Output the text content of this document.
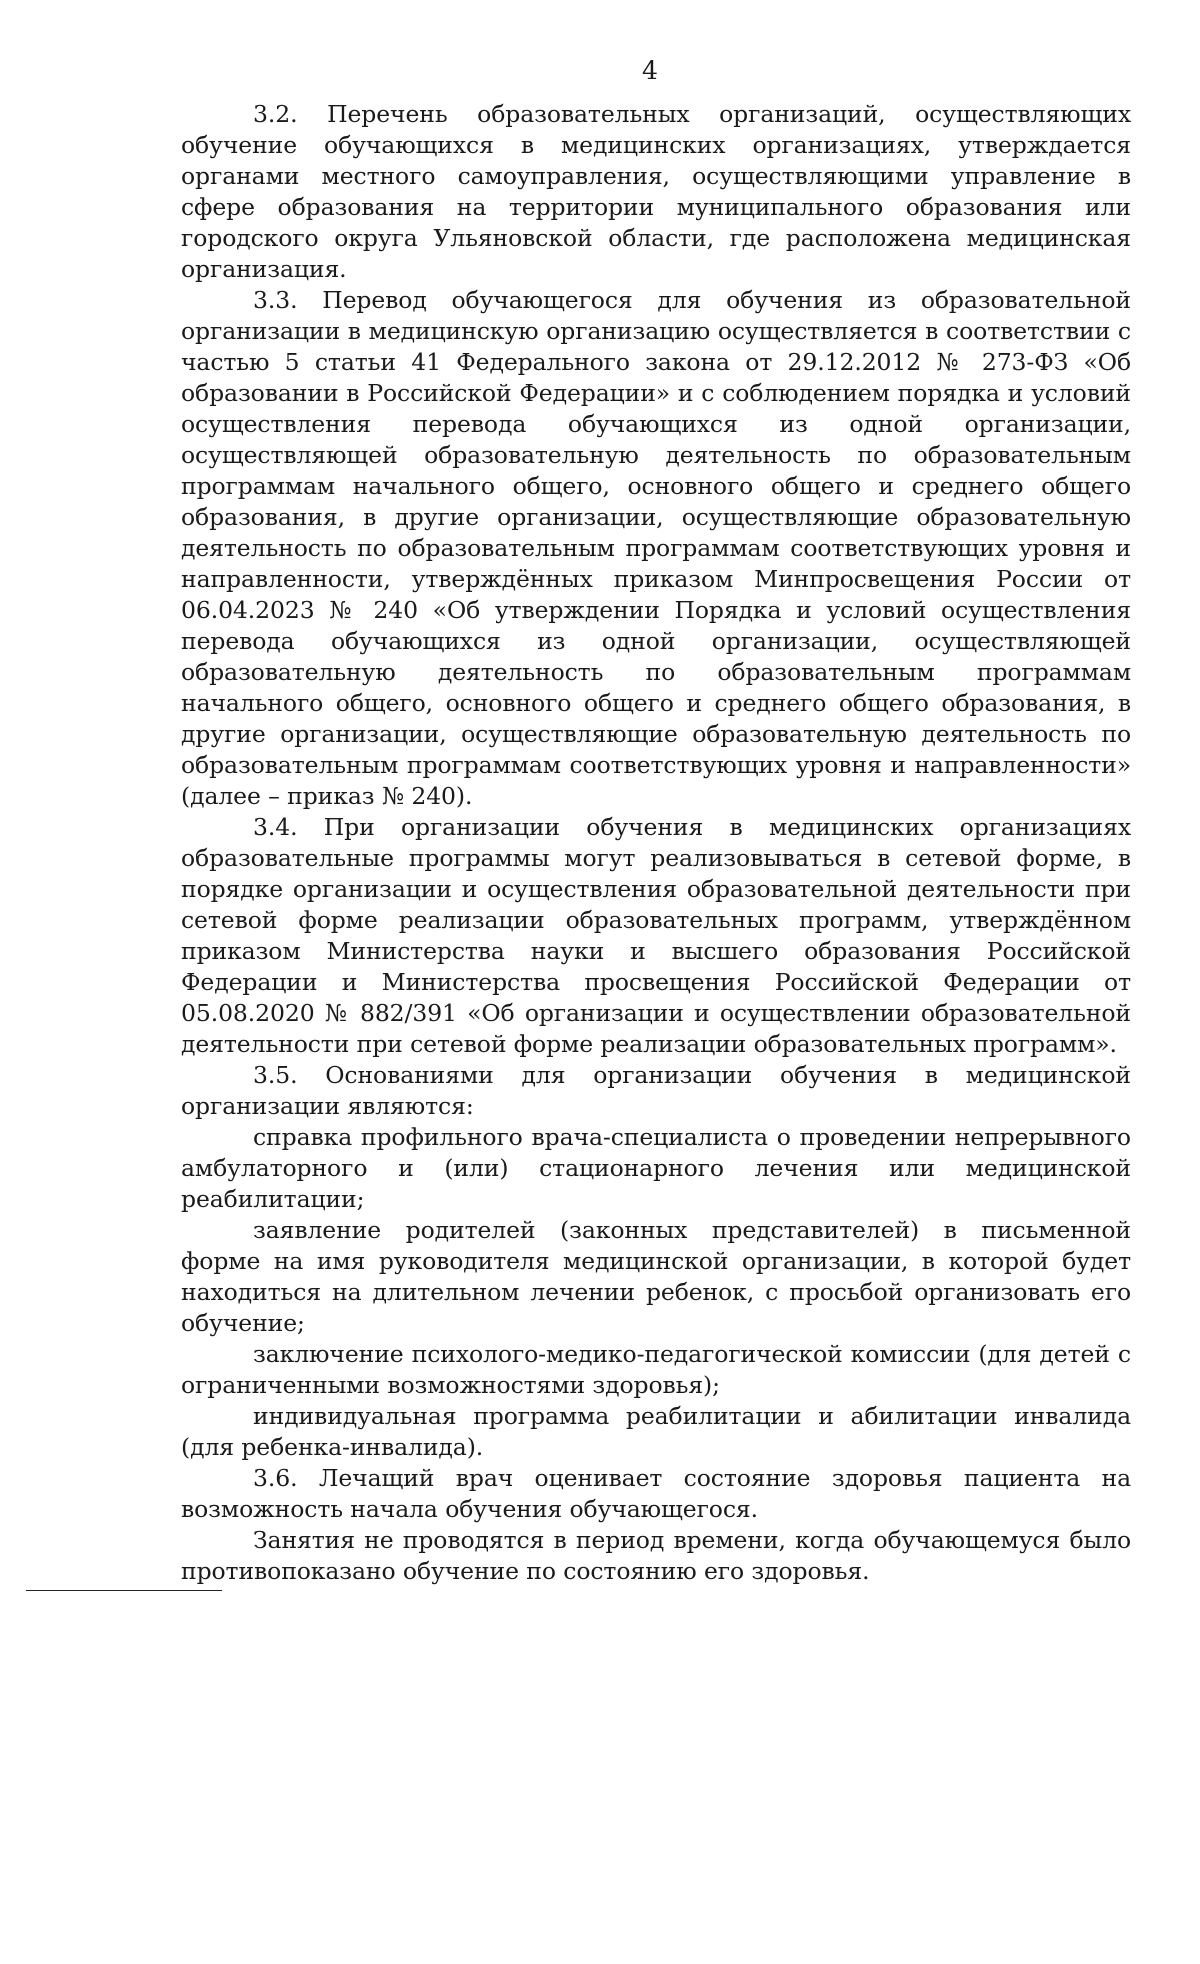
4

3.2. Перечень образовательных организаций, осуществляющих обучение обучающихся в медицинских организациях, утверждается органами местного самоуправления, осуществляющими управление в сфере образования на территории муниципального образования или городского округа Ульяновской области, где расположена медицинская организация.

3.3. Перевод обучающегося для обучения из образовательной организации в медицинскую организацию осуществляется в соответствии с частью 5 статьи 41 Федерального закона от 29.12.2012 № 273-ФЗ «Об образовании в Российской Федерации» и с соблюдением порядка и условий осуществления перевода обучающихся из одной организации, осуществляющей образовательную деятельность по образовательным программам начального общего, основного общего и среднего общего образования, в другие организации, осуществляющие образовательную деятельность по образовательным программам соответствующих уровня и направленности, утверждённых приказом Минпросвещения России от 06.04.2023 № 240 «Об утверждении Порядка и условий осуществления перевода обучающихся из одной организации, осуществляющей образовательную деятельность по образовательным программам начального общего, основного общего и среднего общего образования, в другие организации, осуществляющие образовательную деятельность по образовательным программам соответствующих уровня и направленности» (далее – приказ № 240).

3.4. При организации обучения в медицинских организациях образовательные программы могут реализовываться в сетевой форме, в порядке организации и осуществления образовательной деятельности при сетевой форме реализации образовательных программ, утверждённом приказом Министерства науки и высшего образования Российской Федерации и Министерства просвещения Российской Федерации от 05.08.2020 № 882/391 «Об организации и осуществлении образовательной деятельности при сетевой форме реализации образовательных программ».

3.5. Основаниями для организации обучения в медицинской организации являются:

справка профильного врача-специалиста о проведении непрерывного амбулаторного и (или) стационарного лечения или медицинской реабилитации;

заявление родителей (законных представителей) в письменной форме на имя руководителя медицинской организации, в которой будет находиться на длительном лечении ребенок, с просьбой организовать его обучение;

заключение психолого-медико-педагогической комиссии (для детей с ограниченными возможностями здоровья);

индивидуальная программа реабилитации и абилитации инвалида (для ребенка-инвалида).

3.6. Лечащий врач оценивает состояние здоровья пациента на возможность начала обучения обучающегося.

Занятия не проводятся в период времени, когда обучающемуся было противопоказано обучение по состоянию его здоровья.
